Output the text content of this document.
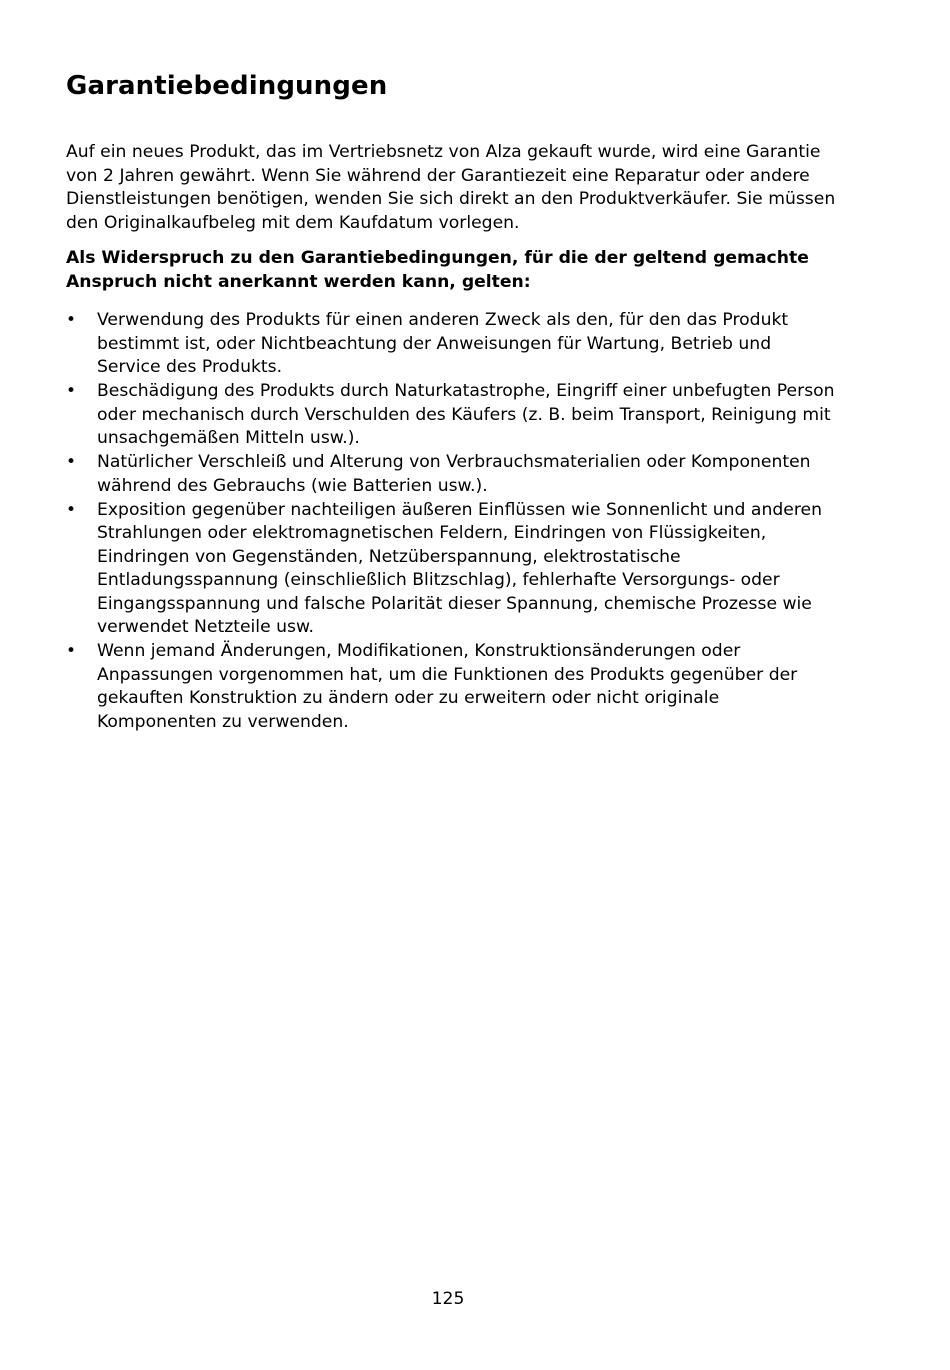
Garantiebedingungen

Auf ein neues Produkt, das im Vertriebsnetz von Alza gekauft wurde, wird eine Garantie von 2 Jahren gewährt. Wenn Sie während der Garantiezeit eine Reparatur oder andere Dienstleistungen benötigen, wenden Sie sich direkt an den Produktverkäufer. Sie müssen den Originalkaufbeleg mit dem Kaufdatum vorlegen.

Als Widerspruch zu den Garantiebedingungen, für die der geltend gemachte Anspruch nicht anerkannt werden kann, gelten:

• Verwendung des Produkts für einen anderen Zweck als den, für den das Produkt bestimmt ist, oder Nichtbeachtung der Anweisungen für Wartung, Betrieb und Service des Produkts.
• Beschädigung des Produkts durch Naturkatastrophe, Eingriff einer unbefugten Person oder mechanisch durch Verschulden des Käufers (z. B. beim Transport, Reinigung mit unsachgemäßen Mitteln usw.).
• Natürlicher Verschleiß und Alterung von Verbrauchsmaterialien oder Komponenten während des Gebrauchs (wie Batterien usw.).
• Exposition gegenüber nachteiligen äußeren Einflüssen wie Sonnenlicht und anderen Strahlungen oder elektromagnetischen Feldern, Eindringen von Flüssigkeiten, Eindringen von Gegenständen, Netzüberspannung, elektrostatische Entladungsspannung (einschließlich Blitzschlag), fehlerhafte Versorgungs- oder Eingangsspannung und falsche Polarität dieser Spannung, chemische Prozesse wie verwendet Netzteile usw.
• Wenn jemand Änderungen, Modifikationen, Konstruktionsänderungen oder Anpassungen vorgenommen hat, um die Funktionen des Produkts gegenüber der gekauften Konstruktion zu ändern oder zu erweitern oder nicht originale Komponenten zu verwenden.
125
